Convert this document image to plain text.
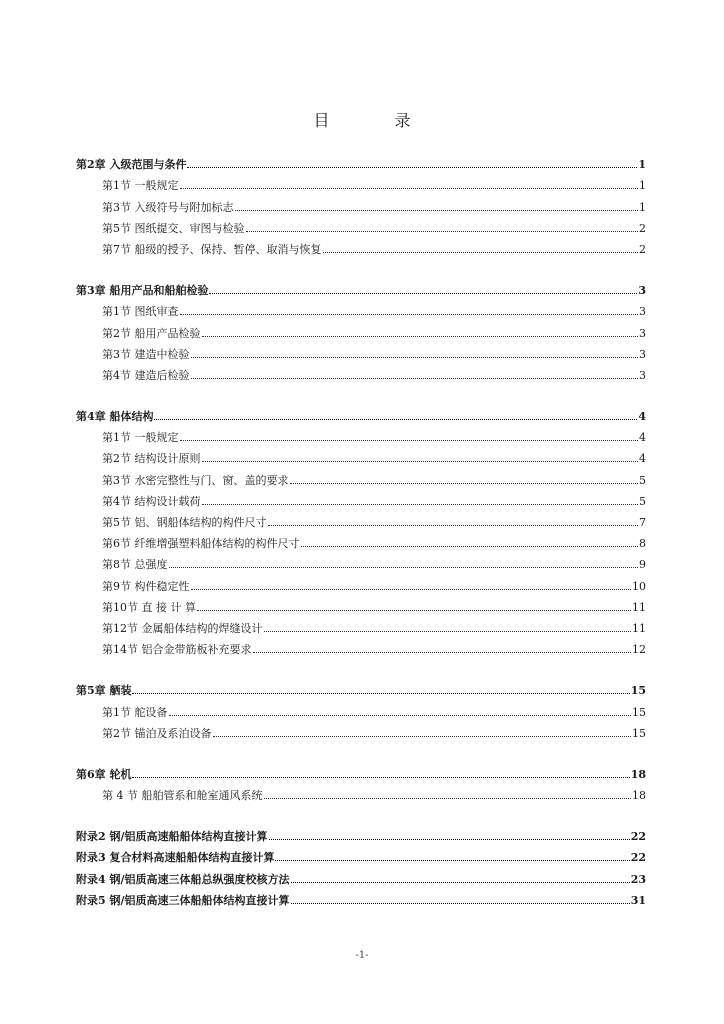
目 录
第2章 入级范围与条件	1
第1节 一般规定	1
第3节 入级符号与附加标志	1
第5节 图纸提交、审图与检验	2
第7节 船级的授予、保持、暂停、取消与恢复	2
第3章 船用产品和船舶检验	3
第1节 图纸审查	3
第2节 船用产品检验	3
第3节 建造中检验	3
第4节 建造后检验	3
第4章 船体结构	4
第1节 一般规定	4
第2节 结构设计原则	4
第3节 水密完整性与门、窗、盖的要求	5
第4节 结构设计载荷	5
第5节 铝、钢船体结构的构件尺寸	7
第6节 纤维增强塑料船体结构的构件尺寸	8
第8节 总强度	9
第9节 构件稳定性	10
第10节 直 接 计 算	11
第12节 金属船体结构的焊缝设计	11
第14节 铝合金带筋板补充要求	12
第5章 舾装	15
第1节 舵设备	15
第2节 锚泊及系泊设备	15
第6章 轮机	18
第 4 节 船舶管系和舱室通风系统	18
附录2 钢/铝质高速船船体结构直接计算	22
附录3 复合材料高速船船体结构直接计算	22
附录4 钢/铝质高速三体船总纵强度校核方法	23
附录5 钢/铝质高速三体船船体结构直接计算	31
-1-
